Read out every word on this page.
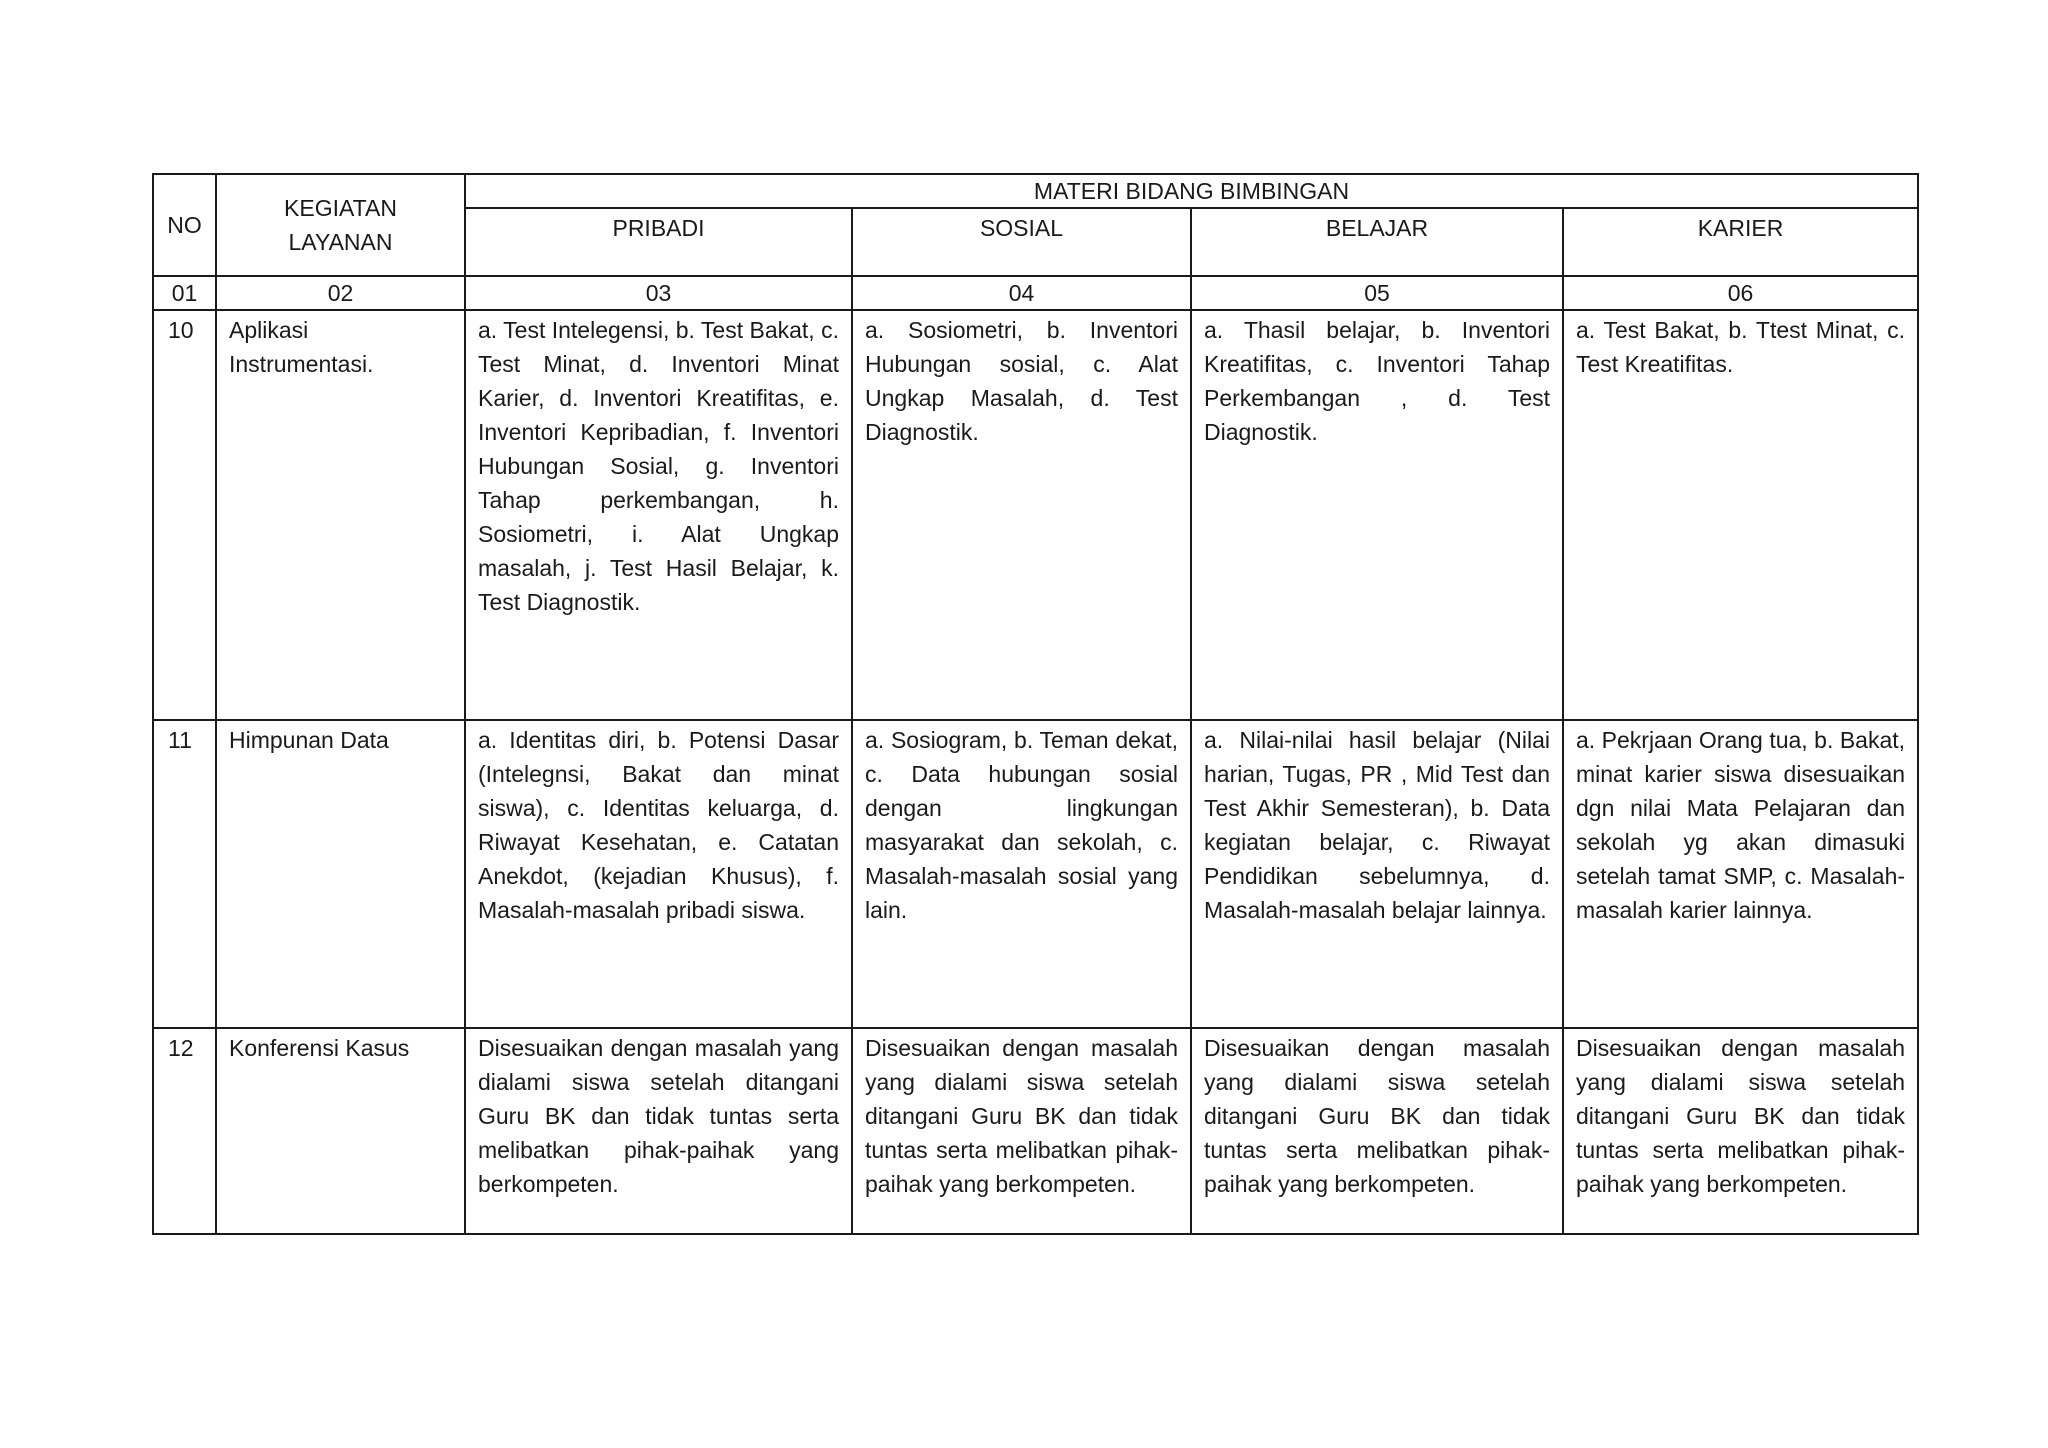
NO	KEGIATAN LAYANAN	MATERI BIDANG BIMBINGAN			

		PRIBADI	SOSIAL	BELAJAR	KARIER

01	02	03	04	05	06
10	Aplikasi Instrumentasi.	a. Test Intelegensi, b. Test Bakat, c. Test Minat, d. Inventori Minat Karier, d. Inventori Kreatifitas, e. Inventori Kepribadian, f. Inventori Hubungan Sosial, g. Inventori Tahap perkembangan, h. Sosiometri, i. Alat Ungkap masalah, j. Test Hasil Belajar, k. Test Diagnostik.	a. Sosiometri, b. Inventori Hubungan sosial, c. Alat Ungkap Masalah, d. Test Diagnostik.	a. Thasil belajar, b. Inventori Kreatifitas, c. Inventori Tahap Perkembangan , d. Test Diagnostik.	a. Test Bakat, b. Ttest Minat, c. Test Kreatifitas.
11	Himpunan Data	a. Identitas diri, b. Potensi Dasar (Intelegnsi, Bakat dan minat siswa), c. Identitas keluarga, d. Riwayat Kesehatan, e. Catatan Anekdot, (kejadian Khusus), f. Masalah-masalah pribadi siswa.	a. Sosiogram, b. Teman dekat, c. Data hubungan sosial dengan lingkungan masyarakat dan sekolah, c. Masalah-masalah sosial yang lain.	a. Nilai-nilai hasil belajar (Nilai harian, Tugas, PR , Mid Test dan Test Akhir Semesteran), b. Data kegiatan belajar, c. Riwayat Pendidikan sebelumnya, d. Masalah-masalah belajar lainnya.	a. Pekrjaan Orang tua, b. Bakat, minat karier siswa disesuaikan dgn nilai Mata Pelajaran dan sekolah yg akan dimasuki setelah tamat SMP, c. Masalah-masalah karier lainnya.
12	Konferensi Kasus	Disesuaikan dengan masalah yang dialami siswa setelah ditangani Guru BK dan tidak tuntas serta melibatkan pihak-paihak yang berkompeten.	Disesuaikan dengan masalah yang dialami siswa setelah ditangani Guru BK dan tidak tuntas serta melibatkan pihak-paihak yang berkompeten.	Disesuaikan dengan masalah yang dialami siswa setelah ditangani Guru BK dan tidak tuntas serta melibatkan pihak-paihak yang berkompeten.	Disesuaikan dengan masalah yang dialami siswa setelah ditangani Guru BK dan tidak tuntas serta melibatkan pihak-paihak yang berkompeten.
